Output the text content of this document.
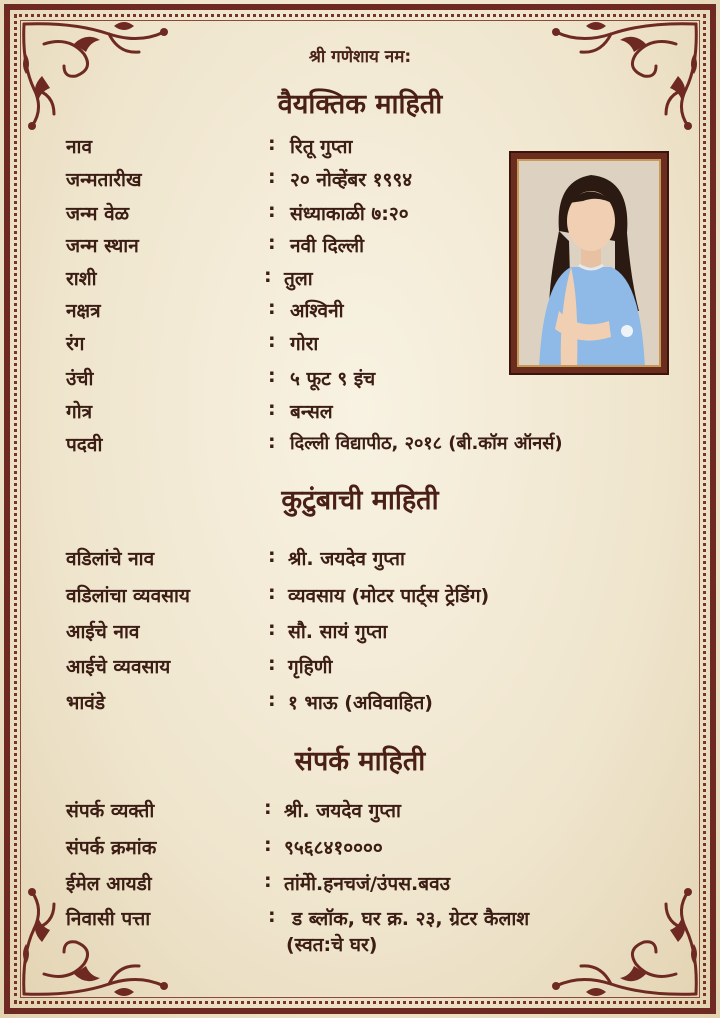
श्री गणेशाय नम:
वैयक्तिक माहिती
नाव	: रितू गुप्ता
जन्मतारीख	: २० नोव्हेंबर १९९४
जन्म वेळ	: संध्याकाळी ७:२०
जन्म स्थान	: नवी दिल्ली
राशी	: तुला
नक्षत्र	: अश्विनी
रंग	: गोरा
उंची	: ५ फूट ९ इंच
गोत्र	: बन्सल
पदवी	: दिल्ली विद्यापीठ, २०१८ (बी.कॉम ऑनर्स)
कुटुंबाची माहिती
वडिलांचे नाव	: श्री. जयदेव गुप्ता
वडिलांचा व्यवसाय	: व्यवसाय (मोटर पार्ट्स ट्रेडिंग)
आईचे नाव	: सौ. सायं गुप्ता
आईचे व्यवसाय	: गृहिणी
भावंडे	: १ भाऊ (अविवाहित)
संपर्क माहिती
संपर्क व्यक्ती	: श्री. जयदेव गुप्ता
संपर्क क्रमांक	: ९५६८४१००००
ईमेल आयडी	: तांमेी.हनचजं/उंपस.बवउ
निवासी पत्ता	: ड ब्लॉक, घर क्र. २३, ग्रेटर कैलाश
(स्वत:चे घर)
